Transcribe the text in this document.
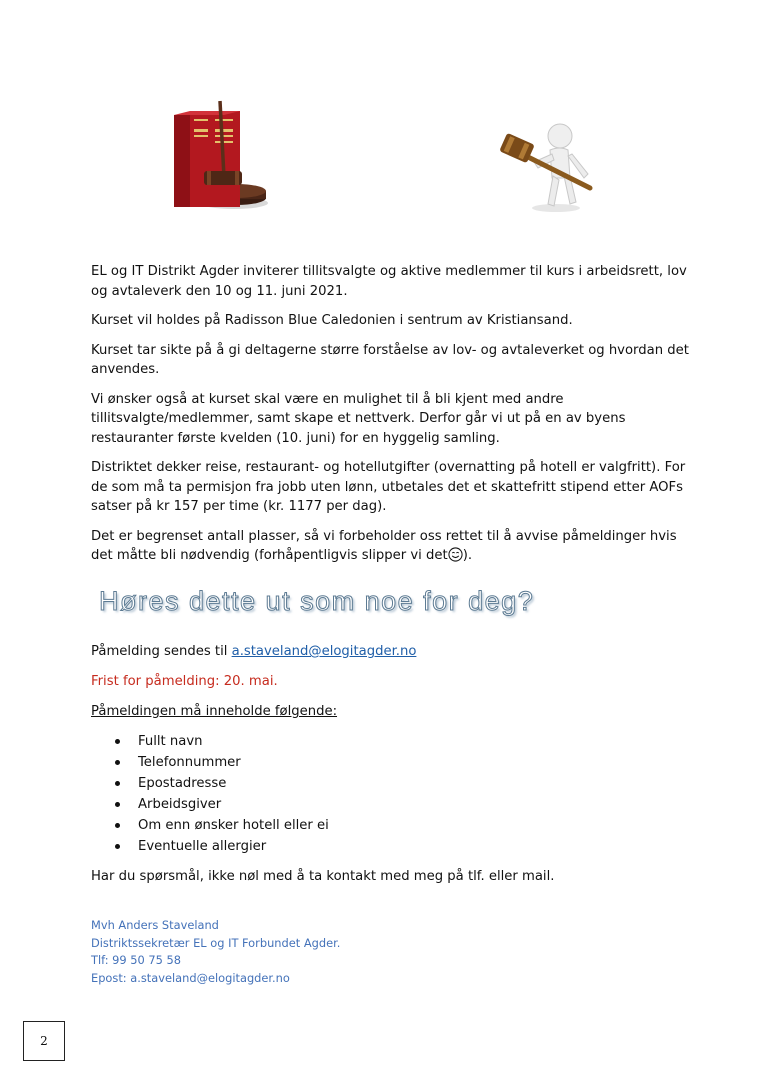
EL og IT Distrikt Agder inviterer tillitsvalgte og aktive medlemmer til kurs i arbeidsrett, lov og avtaleverk den 10 og 11. juni 2021.

Kurset vil holdes på Radisson Blue Caledonien i sentrum av Kristiansand.

Kurset tar sikte på å gi deltagerne større forståelse av lov- og avtaleverket og hvordan det anvendes.

Vi ønsker også at kurset skal være en mulighet til å bli kjent med andre tillitsvalgte/medlemmer, samt skape et nettverk. Derfor går vi ut på en av byens restauranter første kvelden (10. juni) for en hyggelig samling.

Distriktet dekker reise, restaurant- og hotellutgifter (overnatting på hotell er valgfritt). For de som må ta permisjon fra jobb uten lønn, utbetales det et skattefritt stipend etter AOFs satser på kr 157 per time (kr. 1177 per dag).

Det er begrenset antall plasser, så vi forbeholder oss rettet til å avvise påmeldinger hvis det måtte bli nødvendig (forhåpentligvis slipper vi det ).

Høres dette ut som noe for deg?

Påmelding sendes til a.staveland@elogitagder.no

Frist for påmelding: 20. mai.

Påmeldingen må inneholde følgende:

Fullt navn
Telefonnummer
Epostadresse
Arbeidsgiver
Om enn ønsker hotell eller ei
Eventuelle allergier

Har du spørsmål, ikke nøl med å ta kontakt med meg på tlf. eller mail.

Mvh Anders Staveland
Distriktssekretær EL og IT Forbundet Agder.
Tlf: 99 50 75 58
Epost: a.staveland@elogitagder.no
2
